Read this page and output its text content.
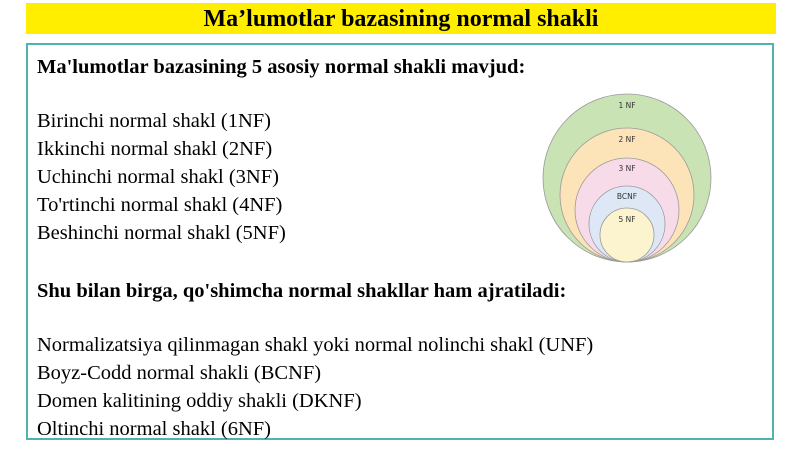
Ma’lumotlar bazasining normal shakli
Ma'lumotlar bazasining 5 asosiy normal shakli mavjud:
Birinchi normal shakl (1NF)
Ikkinchi normal shakl (2NF)
Uchinchi normal shakl (3NF)
To'rtinchi normal shakl (4NF)
Beshinchi normal shakl (5NF)
Shu bilan birga, qo'shimcha normal shakllar ham ajratiladi:
Normalizatsiya qilinmagan shakl yoki normal nolinchi shakl (UNF)
Boyz-Codd normal shakli (BCNF)
Domen kalitining oddiy shakli (DKNF)
Oltinchi normal shakl (6NF)
1 NF
2 NF
3 NF
BCNF
5 NF
